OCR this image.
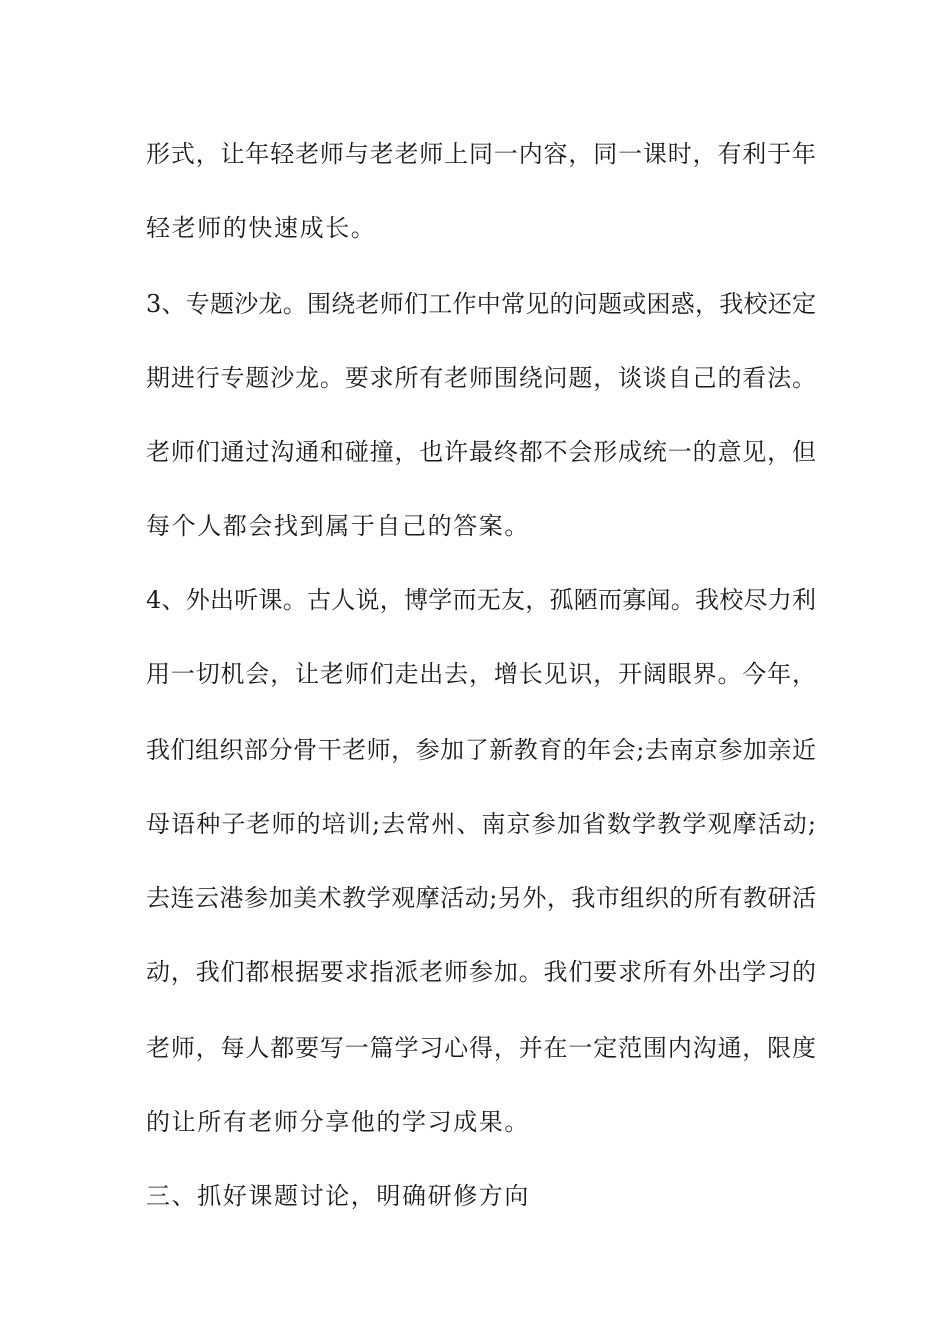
形式，让年轻老师与老老师上同一内容，同一课时，有利于年
轻老师的快速成长。
3、专题沙龙。围绕老师们工作中常见的问题或困惑，我校还定
期进行专题沙龙。要求所有老师围绕问题，谈谈自己的看法。
老师们通过沟通和碰撞，也许最终都不会形成统一的意见，但
每个人都会找到属于自己的答案。
4、外出听课。古人说，博学而无友，孤陋而寡闻。我校尽力利
用一切机会，让老师们走出去，增长见识，开阔眼界。今年，
我们组织部分骨干老师，参加了新教育的年会;去南京参加亲近
母语种子老师的培训;去常州、南京参加省数学教学观摩活动;
去连云港参加美术教学观摩活动;另外，我市组织的所有教研活
动，我们都根据要求指派老师参加。我们要求所有外出学习的
老师，每人都要写一篇学习心得，并在一定范围内沟通，限度
的让所有老师分享他的学习成果。
三、抓好课题讨论，明确研修方向
